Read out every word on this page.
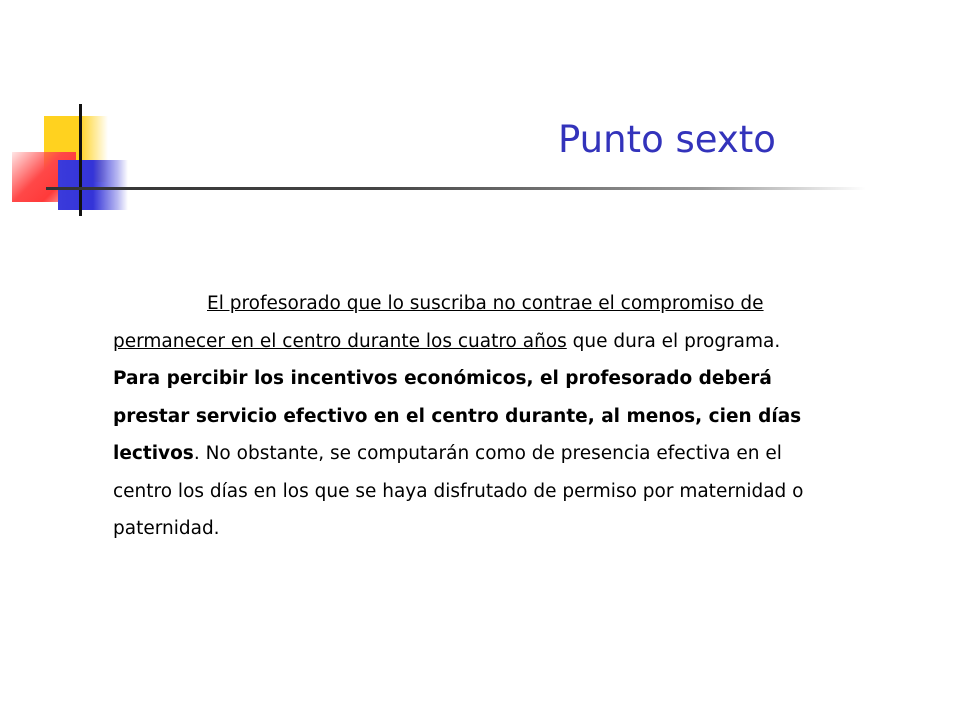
Punto sexto

El profesorado que lo suscriba no contrae el compromiso de permanecer en el centro durante los cuatro años que dura el programa. Para percibir los incentivos económicos, el profesorado deberá prestar servicio efectivo en el centro durante, al menos, cien días lectivos. No obstante, se computarán como de presencia efectiva en el centro los días en los que se haya disfrutado de permiso por maternidad o paternidad.
